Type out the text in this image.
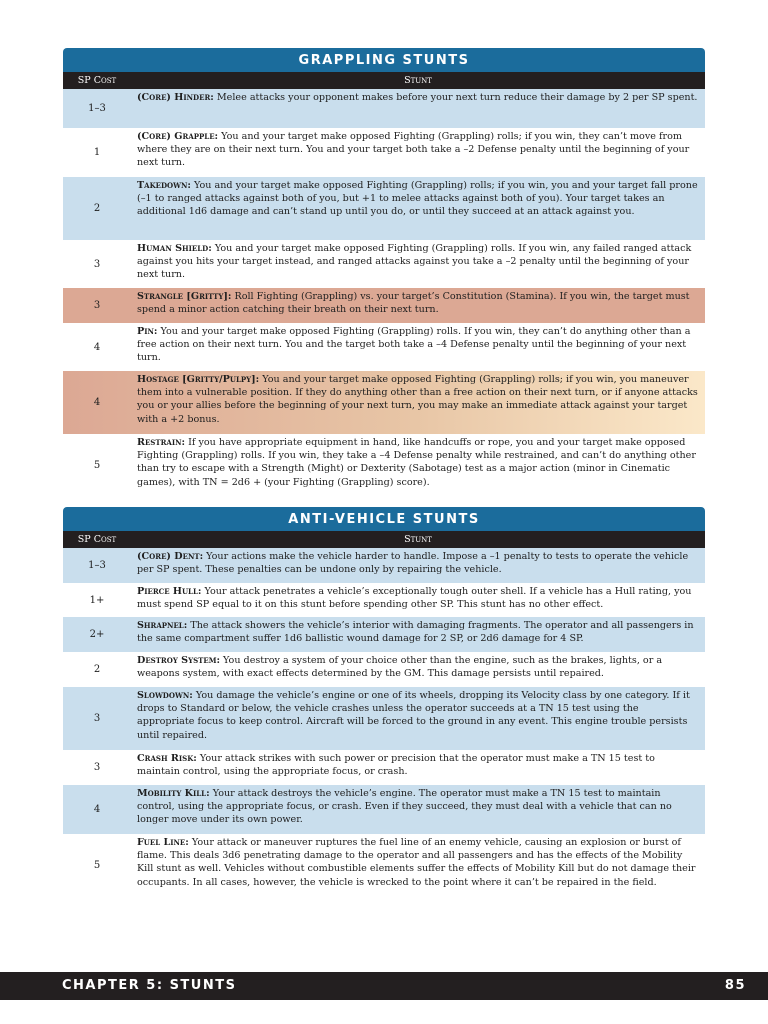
GRAPPLING STUNTS
SP Cost	Stunt
1–3
(Core) Hinder: Melee attacks your opponent makes before your next turn reduce their damage by 2 per SP spent.
1
(Core) Grapple: You and your target make opposed Fighting (Grappling) rolls; if you win, they can’t move from where they are on their next turn. You and your target both take a –2 Defense penalty until the beginning of your next turn.
2
Takedown: You and your target make opposed Fighting (Grappling) rolls; if you win, you and your target fall prone (–1 to ranged attacks against both of you, but +1 to melee attacks against both of you). Your target takes an additional 1d6 damage and can’t stand up until you do, or until they succeed at an attack against you.
3
Human Shield: You and your target make opposed Fighting (Grappling) rolls. If you win, any failed ranged attack against you hits your target instead, and ranged attacks against you take a –2 penalty until the beginning of your next turn.
3
Strangle [Gritty]: Roll Fighting (Grappling) vs. your target’s Constitution (Stamina). If you win, the target must spend a minor action catching their breath on their next turn.
4
Pin: You and your target make opposed Fighting (Grappling) rolls. If you win, they can’t do anything other than a free action on their next turn. You and the target both take a –4 Defense penalty until the beginning of your next turn.
4
Hostage [Gritty/Pulpy]: You and your target make opposed Fighting (Grappling) rolls; if you win, you maneuver them into a vulnerable position. If they do anything other than a free action on their next turn, or if anyone attacks you or your allies before the beginning of your next turn, you may make an immediate attack against your target with a +2 bonus.
5
Restrain: If you have appropriate equipment in hand, like handcuffs or rope, you and your target make opposed Fighting (Grappling) rolls. If you win, they take a –4 Defense penalty while restrained, and can’t do anything other than try to escape with a Strength (Might) or Dexterity (Sabotage) test as a major action (minor in Cinematic games), with TN = 2d6 + (your Fighting (Grappling) score).
ANTI-VEHICLE STUNTS
SP Cost	Stunt
1–3
(Core) Dent: Your actions make the vehicle harder to handle. Impose a –1 penalty to tests to operate the vehicle per SP spent. These penalties can be undone only by repairing the vehicle.
1+
Pierce Hull: Your attack penetrates a vehicle’s exceptionally tough outer shell. If a vehicle has a Hull rating, you must spend SP equal to it on this stunt before spending other SP. This stunt has no other effect.
2+
Shrapnel: The attack showers the vehicle’s interior with damaging fragments. The operator and all passengers in the same compartment suffer 1d6 ballistic wound damage for 2 SP, or 2d6 damage for 4 SP.
2
Destroy System: You destroy a system of your choice other than the engine, such as the brakes, lights, or a weapons system, with exact effects determined by the GM. This damage persists until repaired.
3
Slowdown: You damage the vehicle’s engine or one of its wheels, dropping its Velocity class by one category. If it drops to Standard or below, the vehicle crashes unless the operator succeeds at a TN 15 test using the appropriate focus to keep control. Aircraft will be forced to the ground in any event. This engine trouble persists until repaired.
3
Crash Risk: Your attack strikes with such power or precision that the operator must make a TN 15 test to maintain control, using the appropriate focus, or crash.
4
Mobility Kill: Your attack destroys the vehicle’s engine. The operator must make a TN 15 test to maintain control, using the appropriate focus, or crash. Even if they succeed, they must deal with a vehicle that can no longer move under its own power.
5
Fuel Line: Your attack or maneuver ruptures the fuel line of an enemy vehicle, causing an explosion or burst of flame. This deals 3d6 penetrating damage to the operator and all passengers and has the effects of the Mobility Kill stunt as well. Vehicles without combustible elements suffer the effects of Mobility Kill but do not damage their occupants. In all cases, however, the vehicle is wrecked to the point where it can’t be repaired in the field.
CHAPTER 5: STUNTS	85
